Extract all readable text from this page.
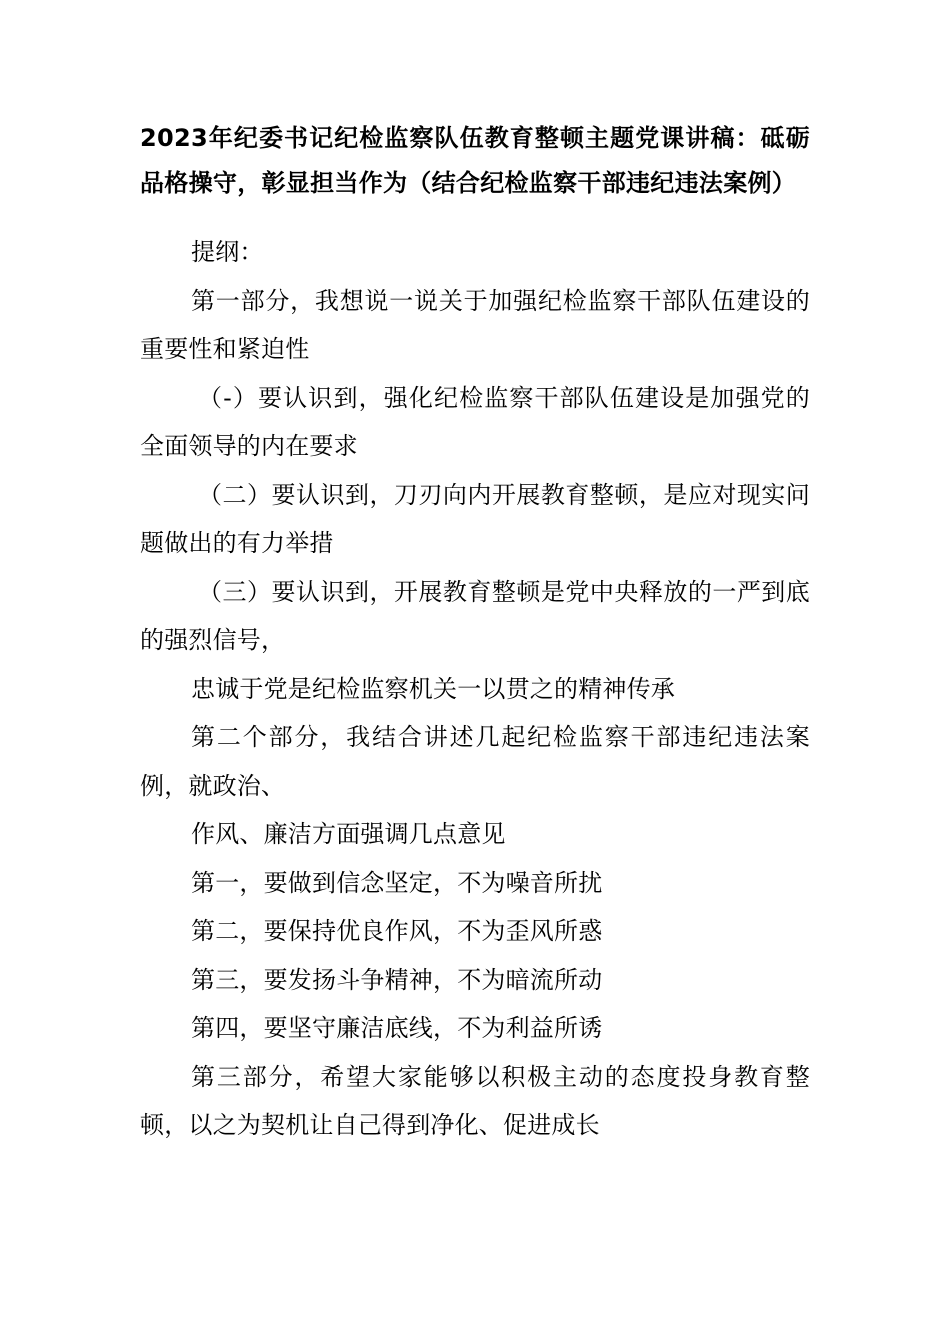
2023年纪委书记纪检监察队伍教育整顿主题党课讲稿：砥砺品格操守，彰显担当作为（结合纪检监察干部违纪违法案例）

提纲：

第一部分，我想说一说关于加强纪检监察干部队伍建设的重要性和紧迫性

（-）要认识到，强化纪检监察干部队伍建设是加强党的全面领导的内在要求

（二）要认识到，刀刃向内开展教育整顿，是应对现实问题做出的有力举措

（三）要认识到，开展教育整顿是党中央释放的一严到底的强烈信号，

忠诚于党是纪检监察机关一以贯之的精神传承

第二个部分，我结合讲述几起纪检监察干部违纪违法案例，就政治、

作风、廉洁方面强调几点意见

第一，要做到信念坚定，不为噪音所扰

第二，要保持优良作风，不为歪风所惑

第三，要发扬斗争精神，不为暗流所动

第四，要坚守廉洁底线，不为利益所诱

第三部分，希望大家能够以积极主动的态度投身教育整顿，以之为契机让自己得到净化、促进成长
